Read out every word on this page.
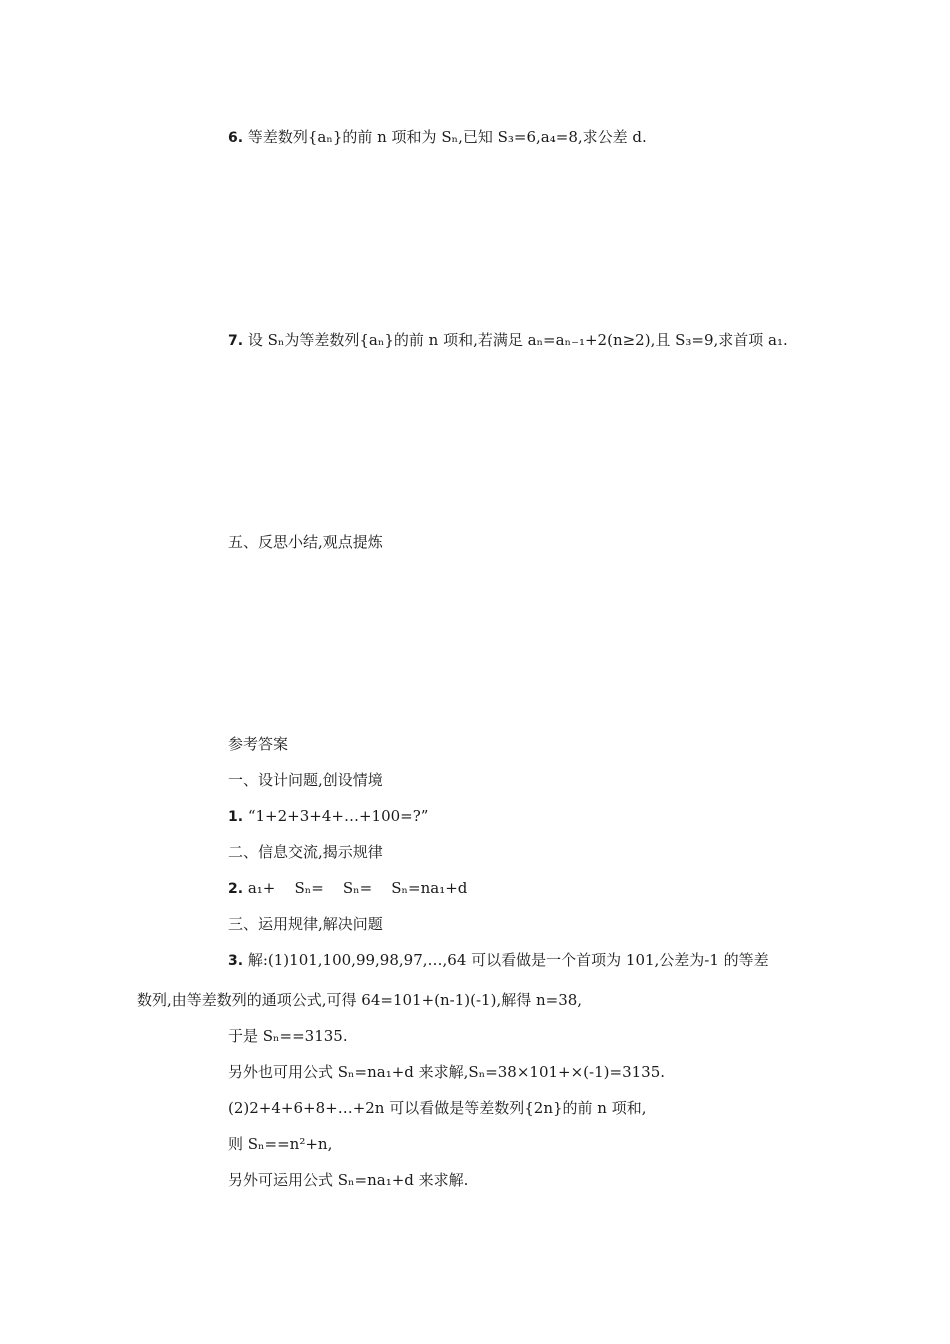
6. 等差数列{aₙ}的前 n 项和为 Sₙ,已知 S₃=6,a₄=8,求公差 d.
7. 设 Sₙ为等差数列{aₙ}的前 n 项和,若满足 aₙ=aₙ₋₁+2(n≥2),且 S₃=9,求首项 a₁.
五、反思小结,观点提炼
参考答案
一、设计问题,创设情境
1. “1+2+3+4+…+100=?”
二、信息交流,揭示规律
2. a₁+    Sₙ=    Sₙ=    Sₙ=na₁+d
三、运用规律,解决问题
3. 解:(1)101,100,99,98,97,…,64 可以看做是一个首项为 101,公差为-1 的等差
数列,由等差数列的通项公式,可得 64=101+(n-1)(-1),解得 n=38,
于是 Sₙ==3135.
另外也可用公式 Sₙ=na₁+d 来求解,Sₙ=38×101+×(-1)=3135.
(2)2+4+6+8+…+2n 可以看做是等差数列{2n}的前 n 项和,
则 Sₙ==n²+n,
另外可运用公式 Sₙ=na₁+d 来求解.
